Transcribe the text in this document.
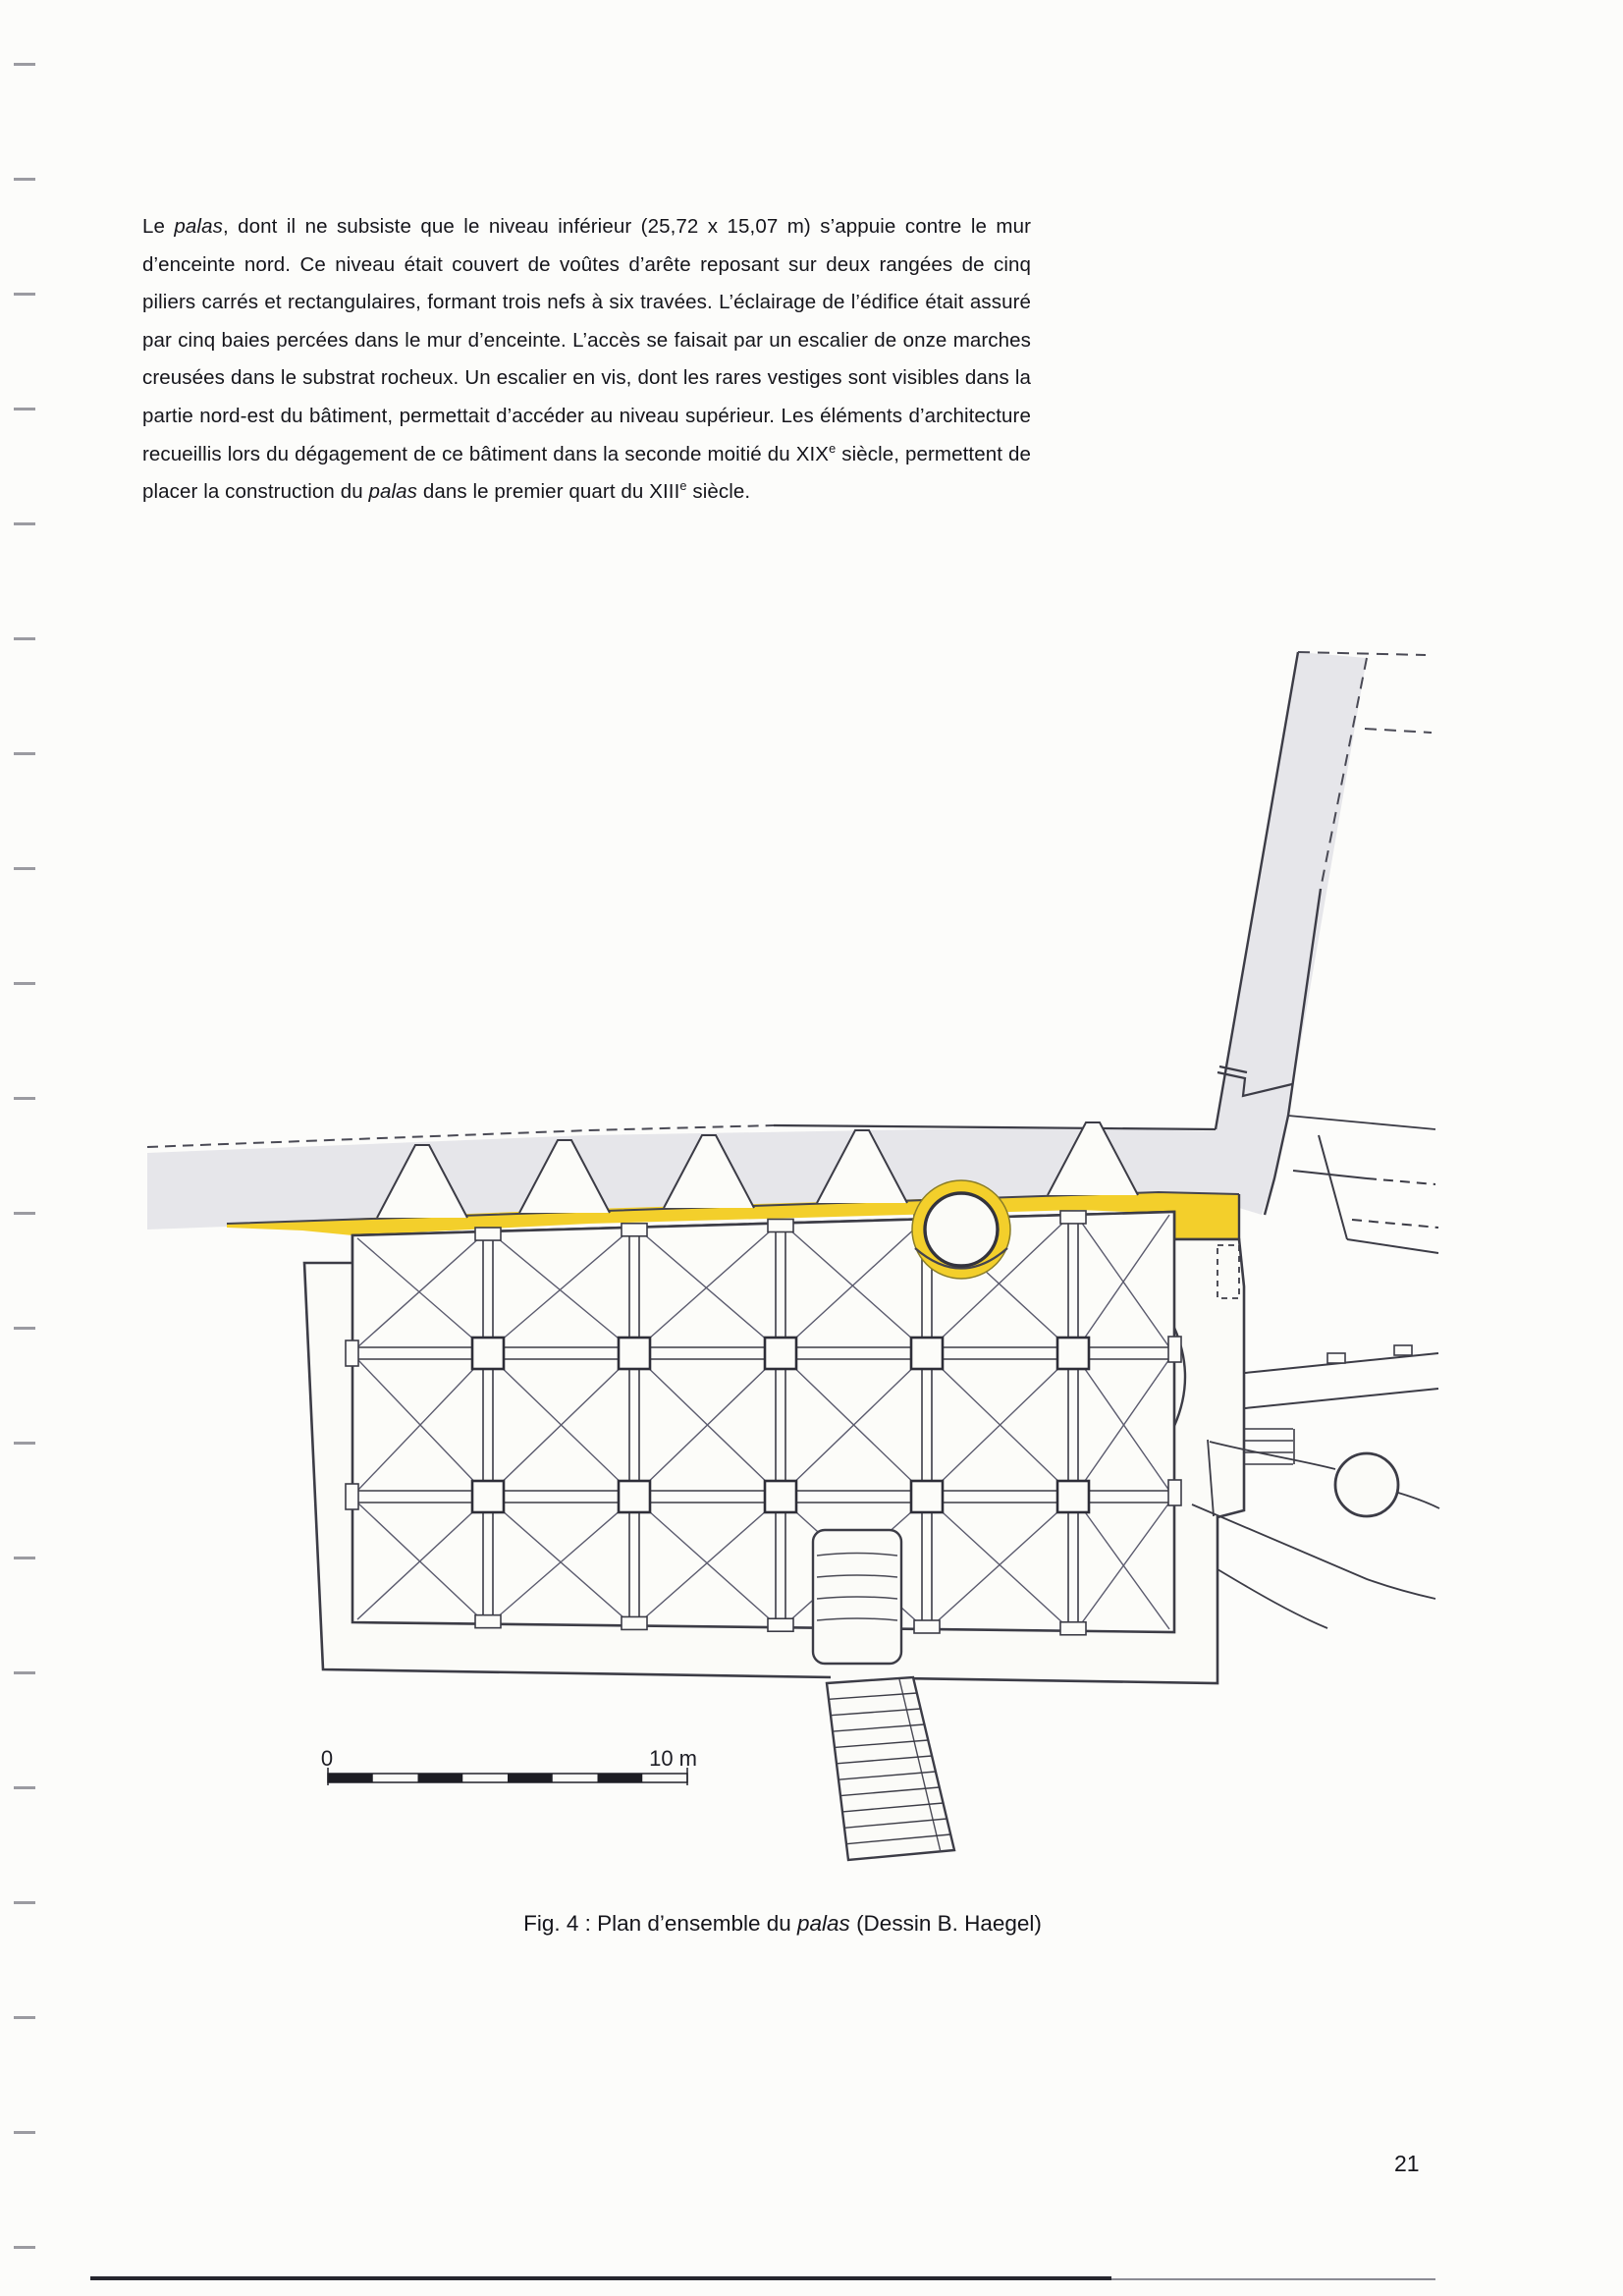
Le palas, dont il ne subsiste que le niveau inférieur (25,72 x 15,07 m) s’appuie contre le mur d’enceinte nord. Ce niveau était couvert de voûtes d’arête reposant sur deux rangées de cinq piliers carrés et rectangulaires, formant trois nefs à six travées. L’éclairage de l’édifice était assuré par cinq baies percées dans le mur d’enceinte. L’accès se faisait par un escalier de onze marches creusées dans le substrat rocheux. Un escalier en vis, dont les rares vestiges sont visibles dans la partie nord-est du bâtiment, permettait d’accéder au niveau supérieur. Les éléments d’architecture recueillis lors du dégagement de ce bâtiment dans la seconde moitié du XIXe siècle, permettent de placer la construction du palas dans le premier quart du XIIIe siècle.
0	10 m
Fig. 4 : Plan d’ensemble du palas (Dessin B. Haegel)
21
